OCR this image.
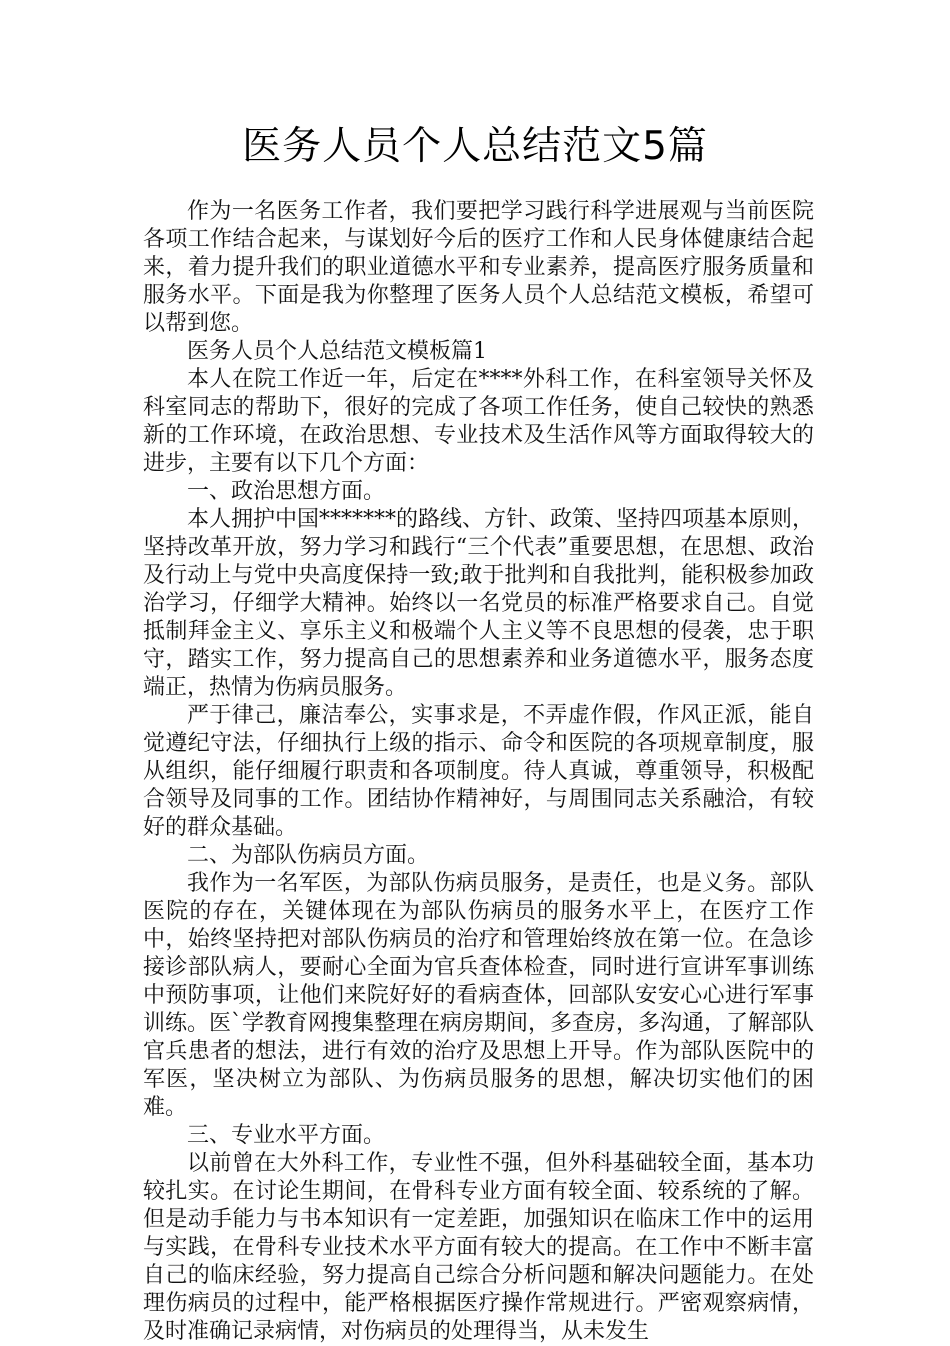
医务人员个人总结范文5篇

作为一名医务工作者，我们要把学习践行科学进展观与当前医院各项工作结合起来，与谋划好今后的医疗工作和人民身体健康结合起来，着力提升我们的职业道德水平和专业素养，提高医疗服务质量和服务水平。下面是我为你整理了医务人员个人总结范文模板，希望可以帮到您。

医务人员个人总结范文模板篇1

本人在院工作近一年，后定在****外科工作，在科室领导关怀及科室同志的帮助下，很好的完成了各项工作任务，使自己较快的熟悉新的工作环境，在政治思想、专业技术及生活作风等方面取得较大的进步，主要有以下几个方面：

一、政治思想方面。

本人拥护中国*******的路线、方针、政策、坚持四项基本原则，坚持改革开放，努力学习和践行“三个代表”重要思想，在思想、政治及行动上与党中央高度保持一致;敢于批判和自我批判，能积极参加政治学习，仔细学大精神。始终以一名党员的标准严格要求自己。自觉抵制拜金主义、享乐主义和极端个人主义等不良思想的侵袭，忠于职守，踏实工作，努力提高自己的思想素养和业务道德水平，服务态度端正，热情为伤病员服务。

严于律己，廉洁奉公，实事求是，不弄虚作假，作风正派，能自觉遵纪守法，仔细执行上级的指示、命令和医院的各项规章制度，服从组织，能仔细履行职责和各项制度。待人真诚，尊重领导，积极配合领导及同事的工作。团结协作精神好，与周围同志关系融洽，有较好的群众基础。

二、为部队伤病员方面。

我作为一名军医，为部队伤病员服务，是责任，也是义务。部队医院的存在，关键体现在为部队伤病员的服务水平上，在医疗工作中，始终坚持把对部队伤病员的治疗和管理始终放在第一位。在急诊接诊部队病人，要耐心全面为官兵查体检查，同时进行宣讲军事训练中预防事项，让他们来院好好的看病查体，回部队安安心心进行军事训练。医`学教育网搜集整理在病房期间，多查房，多沟通，了解部队官兵患者的想法，进行有效的治疗及思想上开导。作为部队医院中的军医，坚决树立为部队、为伤病员服务的思想，解决切实他们的困难。

三、专业水平方面。

以前曾在大外科工作，专业性不强，但外科基础较全面，基本功较扎实。在讨论生期间，在骨科专业方面有较全面、较系统的了解。但是动手能力与书本知识有一定差距，加强知识在临床工作中的运用与实践，在骨科专业技术水平方面有较大的提高。在工作中不断丰富自己的临床经验，努力提高自己综合分析问题和解决问题能力。在处理伤病员的过程中，能严格根据医疗操作常规进行。严密观察病情，及时准确记录病情，对伤病员的处理得当，从未发生
